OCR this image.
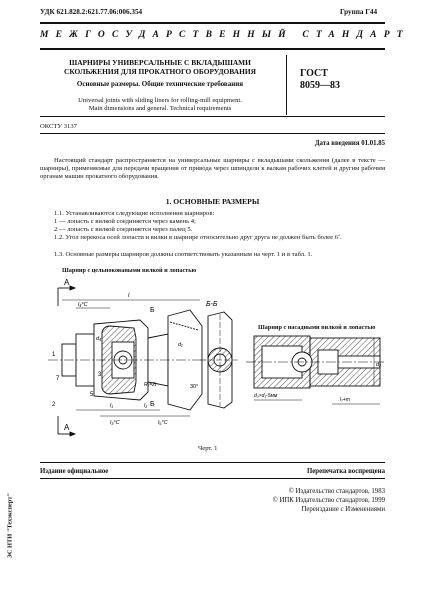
УДК 621.828.2:621.77.06:006.354	Группа Г44
МЕЖГОСУДАРСТВЕННЫЙ СТАНДАРТ
ШАРНИРЫ УНИВЕРСАЛЬНЫЕ С ВКЛАДЫШАМИ
СКОЛЬЖЕНИЯ ДЛЯ ПРОКАТНОГО ОБОРУДОВАНИЯ
Основные размеры. Общие технические требования
Universal joints with sliding liners for rolling-mill equipment.
Main dimensions and general. Technical requirements
ГОСТ
8059—83
ОКСТУ 3137
Дата введения 01.01.85
Настоящий стандарт распространяется на универсальные шарниры с вкладышами скольжения (далее в тексте — шарниры), применяемые для передачи вращения от привода через шпиндели к валкам рабочих клетей и другим рабочим органам машин прокатного оборудования.
1. ОСНОВНЫЕ РАЗМЕРЫ
1.1. Устанавливаются следующие исполнения шарниров:
1 — лопасть с вилкой соединяется через камень 4;
2 — лопасть с вилкой соединяется через палец 5.
1.2. Угол перекоса осей лопасти и вилки в шарнире относительно друг друга не должен быть более 6˚.
1.3. Основные размеры шарниров должны соответствовать указанным на черт. 1 и в табл. 1.
Шарнир с цельноковаными вилкой и лопастью
Шарнир с насадными вилкой и лопастью
A
A
Б
Б
Б-Б
l
l₄°C
l₁	l₂
l₃°C	l₅°C
30°
R₁=2t
d₁
d₂
d₃×d₁-5мм
l₇+m
1
2
3
5
7
d₄
Черт. 1
Издание официальное	Перепечатка воспрещена
© Издательство стандартов, 1983
© ИПК Издательство стандартов, 1999
Переиздание с Изменениями
ЭС НТИ "Техэксперт"
